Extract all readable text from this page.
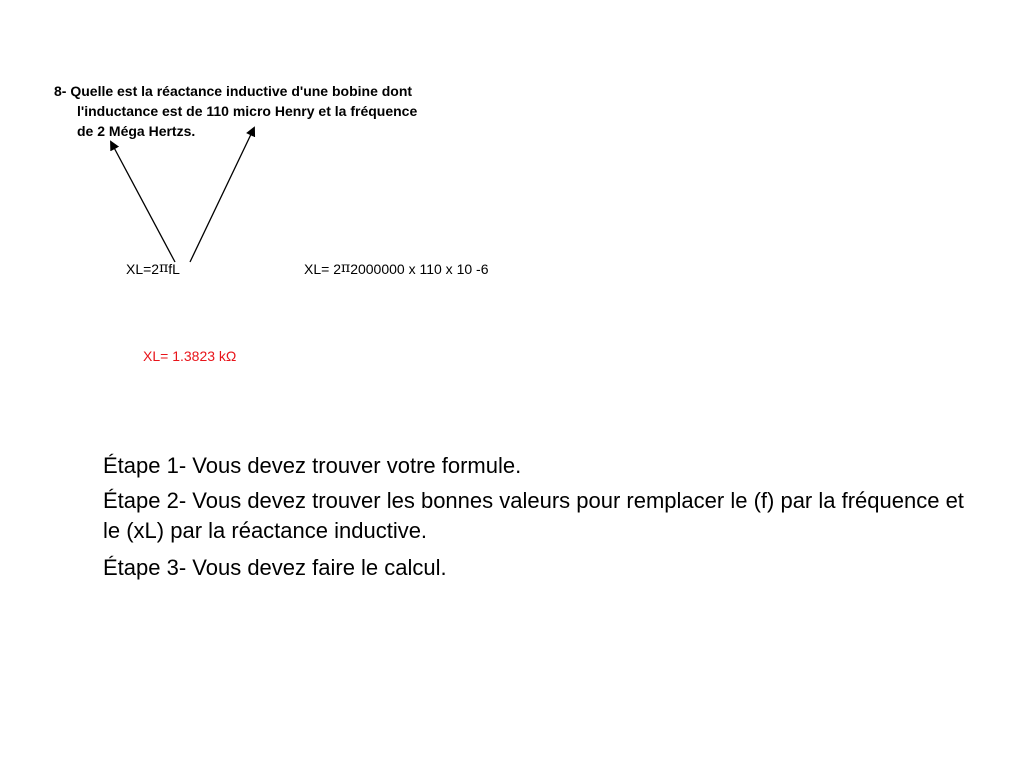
8- Quelle est la réactance inductive d'une bobine dont
l'inductance est de 110 micro Henry et la fréquence
de 2 Méga Hertzs.
XL=2πfL	XL= 2π2000000 x 110 x 10 -6
XL= 1.3823 kΩ
Étape 1- Vous devez trouver votre formule.
Étape 2- Vous devez trouver les bonnes valeurs pour remplacer le (f) par la fréquence et le (xL) par la réactance inductive.
Étape 3- Vous devez faire le calcul.
